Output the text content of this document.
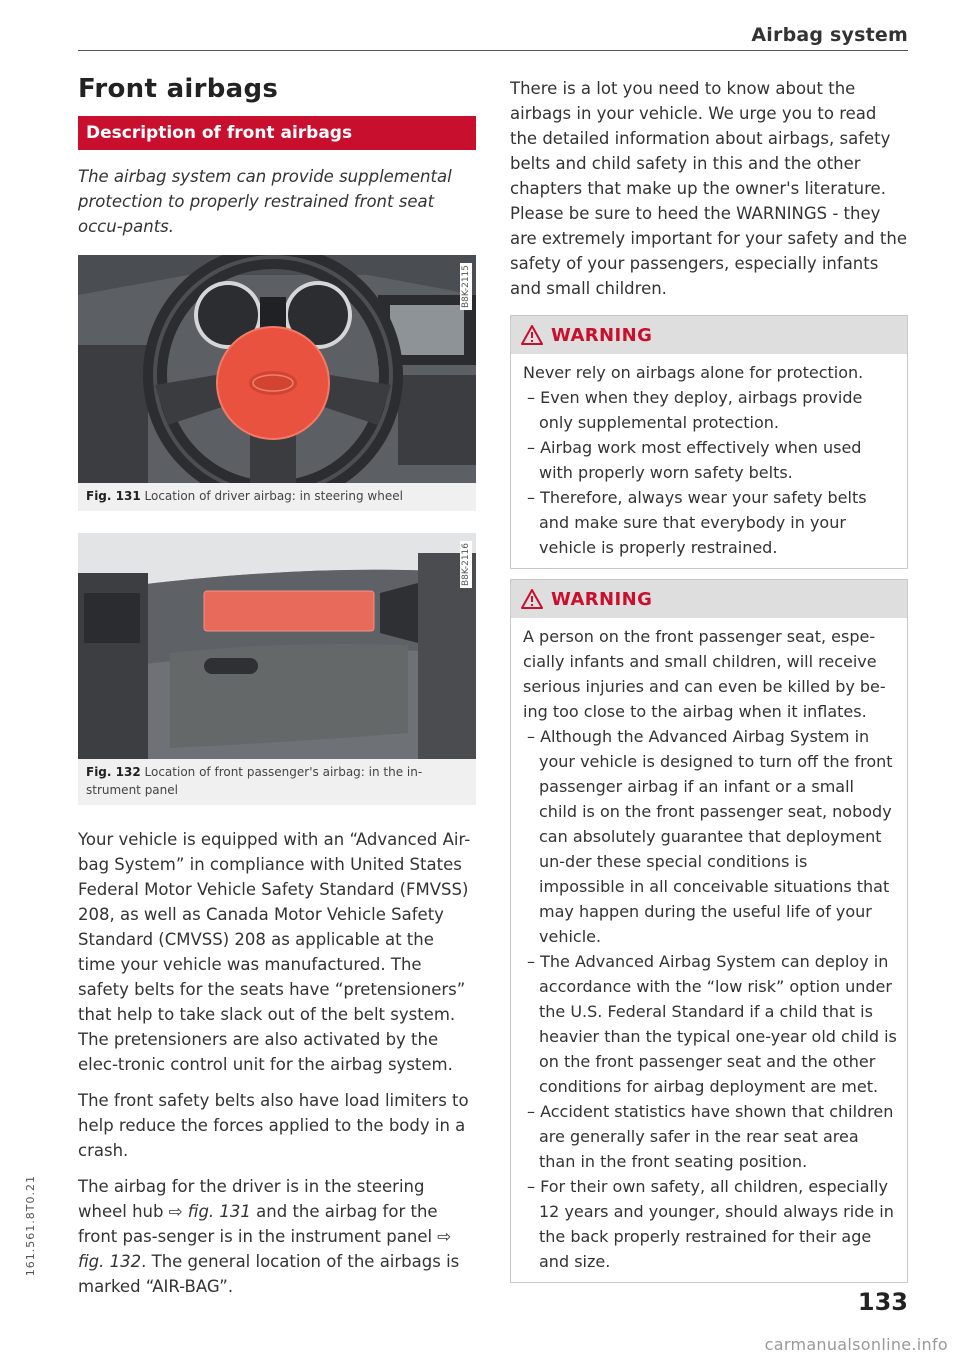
Airbag system
Front airbags
Description of front airbags
The airbag system can provide supplemental protection to properly restrained front seat occu-pants.
B8K-2115
Fig. 131 Location of driver airbag: in steering wheel
B8K-2116
Fig. 132 Location of front passenger's airbag: in the in-strument panel

Your vehicle is equipped with an “Advanced Air-bag System” in compliance with United States Federal Motor Vehicle Safety Standard (FMVSS) 208, as well as Canada Motor Vehicle Safety Standard (CMVSS) 208 as applicable at the time your vehicle was manufactured. The safety belts for the seats have “pretensioners” that help to take slack out of the belt system. The pretensioners are also activated by the elec-tronic control unit for the airbag system.

The front safety belts also have load limiters to help reduce the forces applied to the body in a crash.

The airbag for the driver is in the steering wheel hub ⇨ fig. 131 and the airbag for the front pas-senger is in the instrument panel ⇨ fig. 132. The general location of the airbags is marked “AIR-BAG”.

There is a lot you need to know about the airbags in your vehicle. We urge you to read the detailed information about airbags, safety belts and child safety in this and the other chapters that make up the owner's literature. Please be sure to heed the WARNINGS - they are extremely important for your safety and the safety of your passengers, especially infants and small children.

WARNING

Never rely on airbags alone for protection.

– Even when they deploy, airbags provide only supplemental protection.
– Airbag work most effectively when used with properly worn safety belts.
– Therefore, always wear your safety belts and make sure that everybody in your vehicle is properly restrained.
WARNING

A person on the front passenger seat, espe-cially infants and small children, will receive serious injuries and can even be killed by be-ing too close to the airbag when it inflates.

– Although the Advanced Airbag System in your vehicle is designed to turn off the front passenger airbag if an infant or a small child is on the front passenger seat, nobody can absolutely guarantee that deployment un-der these special conditions is impossible in all conceivable situations that may happen during the useful life of your vehicle.
– The Advanced Airbag System can deploy in accordance with the “low risk” option under the U.S. Federal Standard if a child that is heavier than the typical one-year old child is on the front passenger seat and the other conditions for airbag deployment are met.
– Accident statistics have shown that children are generally safer in the rear seat area than in the front seating position.
– For their own safety, all children, especially 12 years and younger, should always ride in the back properly restrained for their age and size.
161.561.8T0.21
133
carmanualsonline.info
